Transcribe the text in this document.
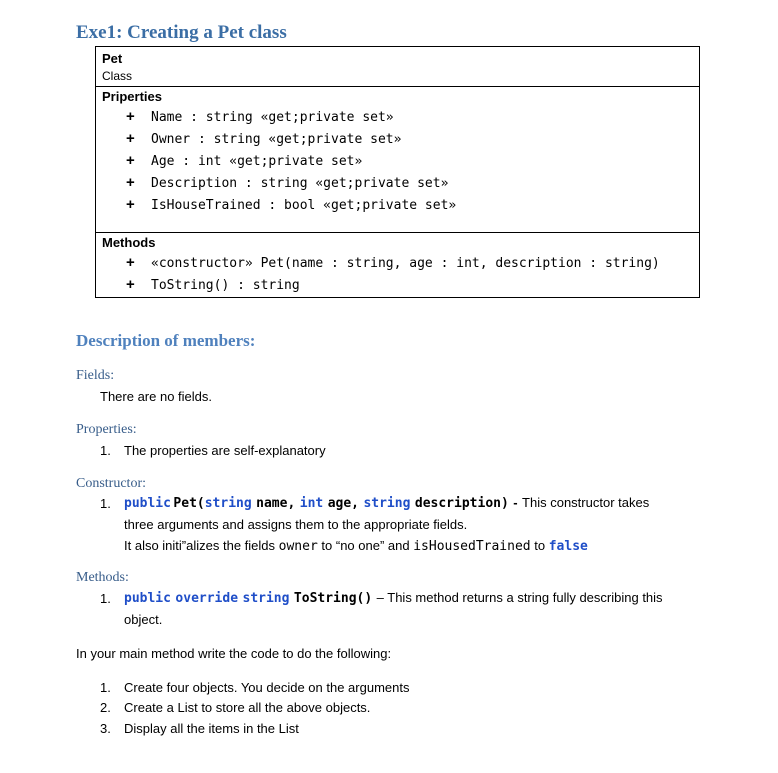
Exe1: Creating a Pet class
Pet
Class
Priperties
+ Name : string «get;private set»
+ Owner : string «get;private set»
+ Age : int «get;private set»
+ Description : string «get;private set»
+ IsHouseTrained : bool «get;private set»
Methods
+ «constructor» Pet(name : string, age : int, description : string)
+ ToString() : string
Description of members:
Fields:
There are no fields.
Properties:
1. The properties are self-explanatory
Constructor:
1. public Pet(string name, int age, string description) - This constructor takes
three arguments and assigns them to the appropriate fields.
It also initi”alizes the fields owner to “no one” and isHousedTrained to false
Methods:
1. public override string ToString() – This method returns a string fully describing this
object.
In your main method write the code to do the following:
1. Create four objects. You decide on the arguments
2. Create a List to store all the above objects.
3. Display all the items in the List
